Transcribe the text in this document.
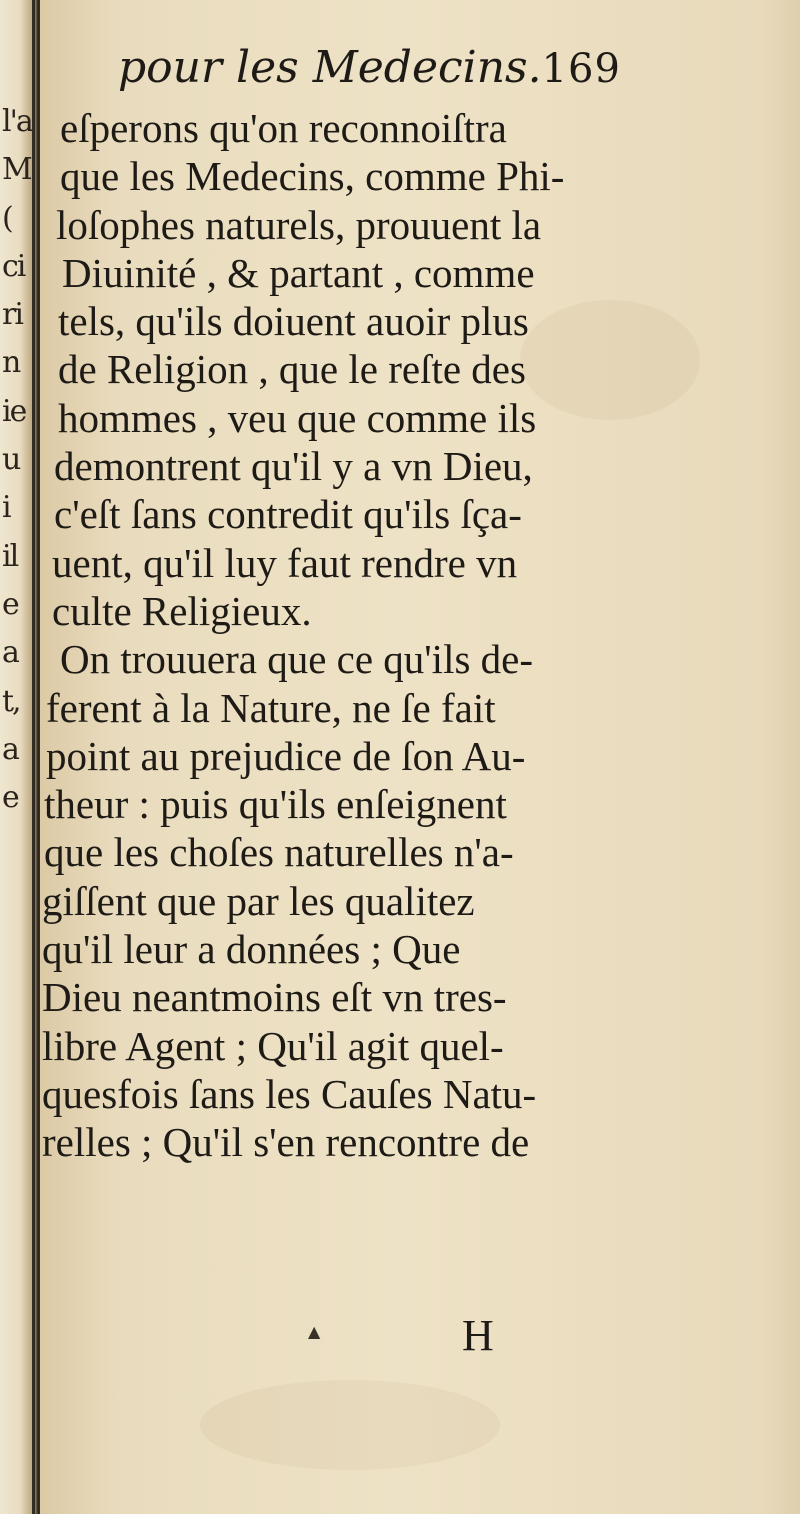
l'a
M
(
ci
ri
n
ie
u
i
il
e
a
t,
a
e
pour les Medecins.169
eſperons qu'on reconnoiſtra
que les Medecins, comme Phi-
loſophes naturels, prouuent la
Diuinité , & partant , comme
tels, qu'ils doiuent auoir plus
de Religion , que le reſte des
hommes , veu que comme ils
demontrent qu'il y a vn Dieu,
c'eſt ſans contredit qu'ils ſça-
uent, qu'il luy faut rendre vn
culte Religieux.
On trouuera que ce qu'ils de-
ferent à la Nature, ne ſe fait
point au prejudice de ſon Au-
theur : puis qu'ils enſeignent
que les choſes naturelles n'a-
giſſent que par les qualitez
qu'il leur a données ; Que
Dieu neantmoins eſt vn tres-
libre Agent ; Qu'il agit quel-
quesfois ſans les Cauſes Natu-
relles ; Qu'il s'en rencontre de
▲	H
